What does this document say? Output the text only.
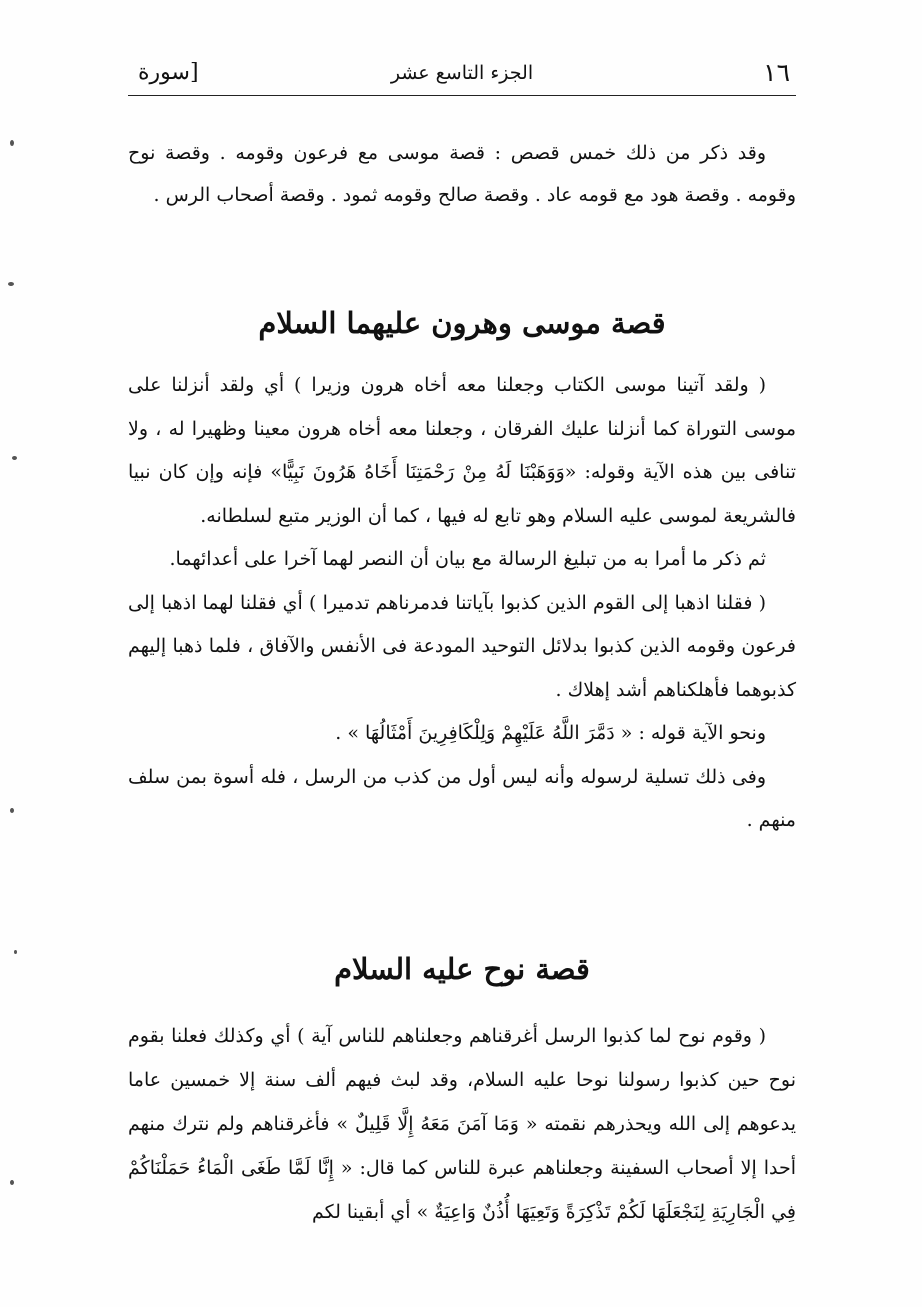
١٦
الجزء التاسع عشر
[سورة

وقد ذكر من ذلك خمس قصص : قصة موسى مع فرعون وقومه . وقصة نوح وقومه . وقصة هود مع قومه عاد . وقصة صالح وقومه ثمود . وقصة أصحاب الرس .

قصة موسى وهرون عليهما السلام

( ولقد آتينا موسى الكتاب وجعلنا معه أخاه هرون وزيرا ) أي ولقد أنزلنا على موسى التوراة كما أنزلنا عليك الفرقان ، وجعلنا معه أخاه هرون معينا وظهيرا له ، ولا تنافى بين هذه الآية وقوله: «وَوَهَبْنَا لَهُ مِنْ رَحْمَتِنَا أَخَاهُ هَرُونَ نَبِيًّا» فإنه وإن كان نبيا فالشريعة لموسى عليه السلام وهو تابع له فيها ، كما أن الوزير متبع لسلطانه.

ثم ذكر ما أمرا به من تبليغ الرسالة مع بيان أن النصر لهما آخرا على أعدائهما.

( فقلنا اذهبا إلى القوم الذين كذبوا بآياتنا فدمرناهم تدميرا ) أي فقلنا لهما اذهبا إلى فرعون وقومه الذين كذبوا بدلائل التوحيد المودعة فى الأنفس والآفاق ، فلما ذهبا إليهم كذبوهما فأهلكناهم أشد إهلاك .

ونحو الآية قوله : « دَمَّرَ اللَّهُ عَلَيْهِمْ وَلِلْكَافِرِينَ أَمْثَالُهَا » .

وفى ذلك تسلية لرسوله وأنه ليس أول من كذب من الرسل ، فله أسوة بمن سلف منهم .

قصة نوح عليه السلام

( وقوم نوح لما كذبوا الرسل أغرقناهم وجعلناهم للناس آية ) أي وكذلك فعلنا بقوم نوح حين كذبوا رسولنا نوحا عليه السلام، وقد لبث فيهم ألف سنة إلا خمسين عاما يدعوهم إلى الله ويحذرهم نقمته « وَمَا آمَنَ مَعَهُ إِلَّا قَلِيلٌ » فأغرقناهم ولم نترك منهم أحدا إلا أصحاب السفينة وجعلناهم عبرة للناس كما قال: « إِنَّا لَمَّا طَغَى الْمَاءُ حَمَلْنَاكُمْ فِي الْجَارِيَةِ لِنَجْعَلَهَا لَكُمْ تَذْكِرَةً وَتَعِيَهَا أُذُنٌ وَاعِيَةٌ » أي أبقينا لكم
